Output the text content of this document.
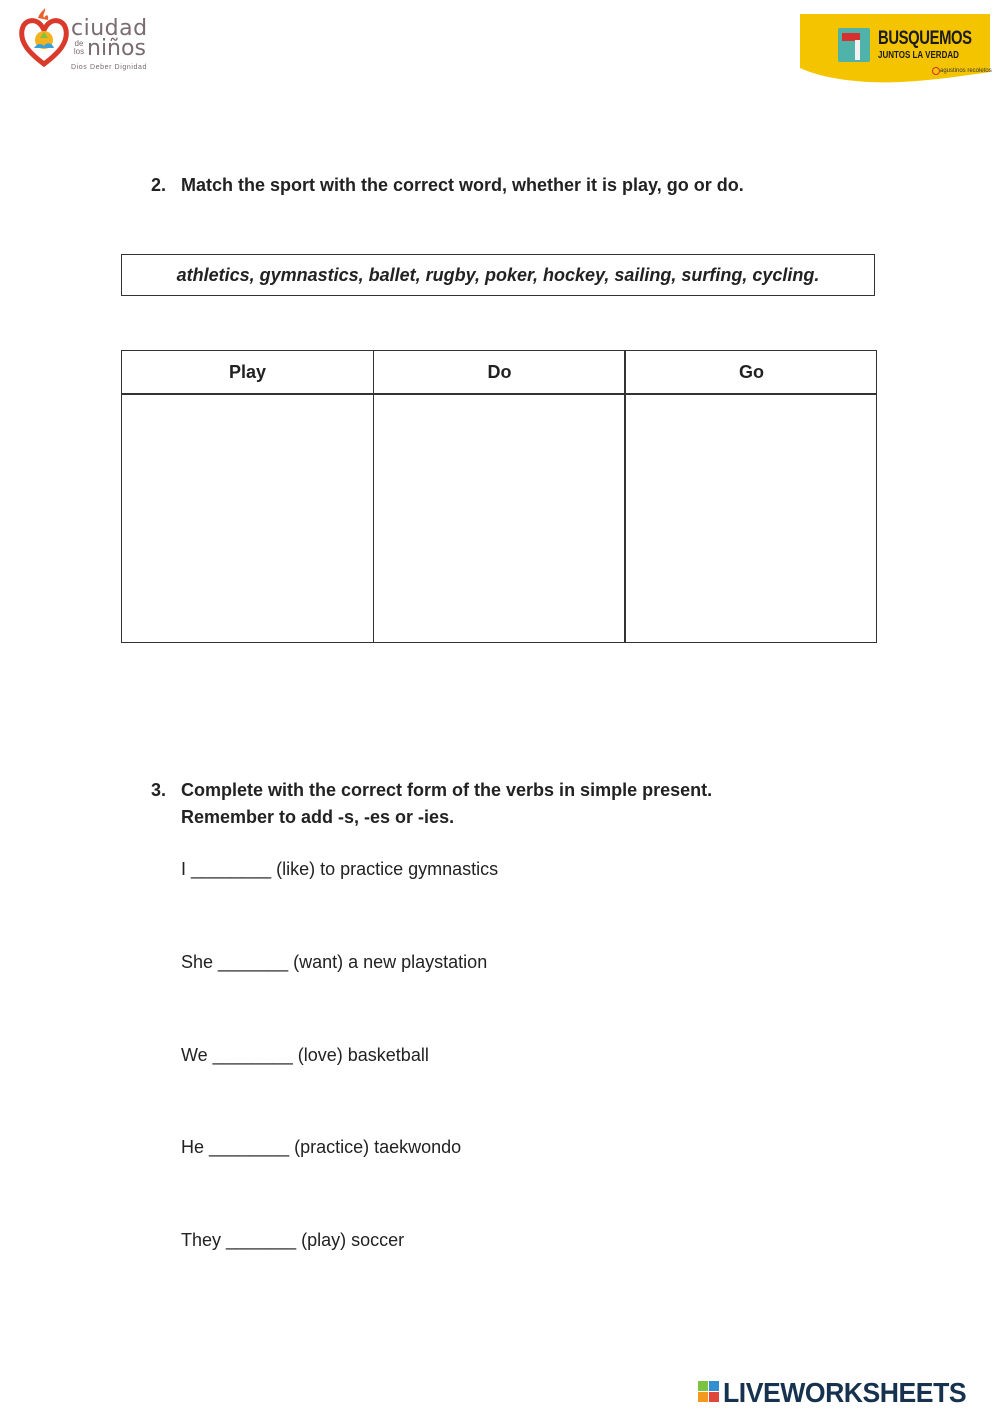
ciudad
de
los niños
Dios Deber Dignidad
BUSQUEMOS
JUNTOS LA VERDAD
agustinos recoletos
2. Match the sport with the correct word, whether it is play, go or do.
athletics, gymnastics, ballet, rugby, poker, hockey, sailing, surfing, cycling.
Play	Do	Go
3. Complete with the correct form of the verbs in simple present.
Remember to add -s, -es or -ies.
I ________ (like) to practice gymnastics
She _______ (want) a new playstation
We ________ (love) basketball
He ________ (practice) taekwondo
They _______ (play) soccer
LIVEWORKSHEETS
